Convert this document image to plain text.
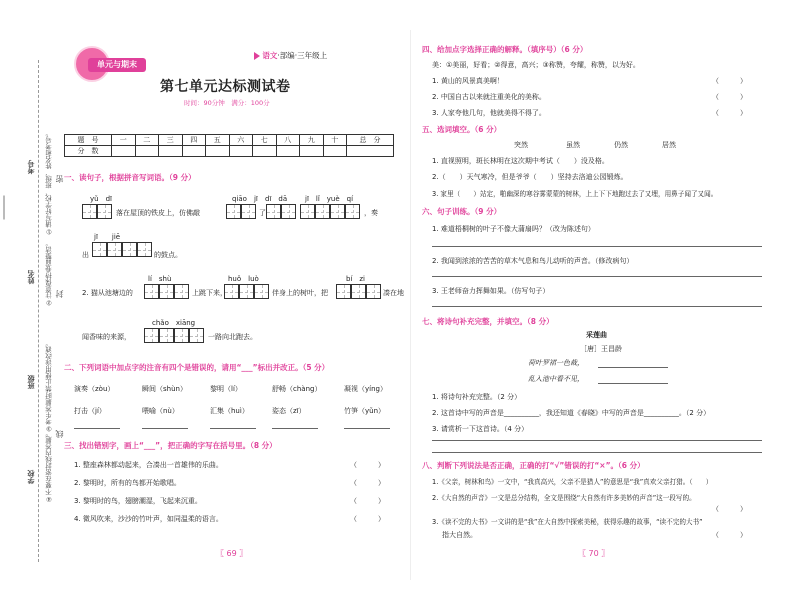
考号
姓名
班级
学校
①请写好学校、班级、姓名和考号。
②注意保持卷面整洁。
③考生答题时禁止使用涂改液。
④不要在密封线内答题。
密
封
线
单元与期末
语文·部编·三年级上
第七单元达标测试卷
时间：90分钟　满分：100分
题　号	一	二	三	四	五	六	七	八	九	十	总　分
分　数											
一、读句子，根据拼音写词语。（9 分）
yǔ　dī
落在屋顶的铁皮上，仿佛敲
qiāo　jī dī　dā
了
jī　lǐ　yuè　qí
，奏
jī　　jiē
出	的鼓点。
lí　shù	huǒ　luò	bí　zi
2. 猫从池塘边的	上跳下来，	伴身上的树叶，把	凑在地
chǎo　xiāng
闻香味的来源，	一路向北跑去。
二、下列词语中加点字的注音有四个是错误的，请用“___”标出并改正。（5 分）
演奏（zòu）	瞬间（shùn）	黎明（lí）	舒畅（chàng）	凝视（yíng）
打击（jí）	喂喻（nù）	汇集（huì）	姿态（zī）	竹笋（yǔn）
三、找出错别字，画上“___”，把正确的字写在括号里。（8 分）
1. 整座森林都动起来，合凑出一首雄伟的乐曲。	（　　　）
2. 黎明时，所有的鸟都开始歌唱。	（　　　）
3. 黎明时的鸟，翅膀潮湿，飞起来沉重。	（　　　）
4. 微风吹来，沙沙的竹叶声，如同温柔的语言。	（　　　）
〖 69 〗
四、给加点字选择正确的解释。（填序号）（6 分）
美：①美丽，好看；②得意，高兴；③称赞，夸耀，称赞，以为好。
1. 黄山的风景真美啊！	（　　　）
2. 中国自古以来就注重美化的美称。	（　　　）
3. 人家夸他几句，他就美得不得了。	（　　　）
五、选词填空。（6 分）
突然	虽然	仍然	居然
1. 直视照明，斑长林明在这次期中考试（　　）没及格。
2.（　　）天气寒冷，但是爷爷（　　）坚持去洛迪公园锻炼。
3. 家里（　　）站定，啪幽深的寒谷雾蒙蒙的树林，上上下下地跑过去了又埋，用鼻子闻了又闻。
六、句子训练。（9 分）
1. 难道梧桐树的叶子不像大蒲扇吗？（改为陈述句）
2. 我闻到浓浓的苦苦的草木气息和鸟儿动听的声音。（修改病句）
3. 王老师奋力挥舞如果。（仿写句子）
七、将诗句补充完整，并填空。（8 分）
采莲曲
［唐］王昌龄
荷叶罗裙一色裁，
乱入池中看不见，
1. 将诗句补充完整。（2 分）
2. 这首诗中写的声音是__________，我还知道《春晓》中写的声音是__________。（2 分）
3. 请赏析一下这首诗。（4 分）
八、判断下列说法是否正确，正确的打“√”错误的打“×”。（6 分）
1.《父亲，树林和鸟》一文中，“我真高兴，父亲不是猎人”的意思是“我”真欢父亲打猎。（　　）
2.《大自然的声音》一文是总分结构，全文是围绕“大自然有许多美妙的声音”这一段写的。
（　　　）
3.《读不完的大书》一文讲的是“我”在大自然中探索美秘，获得乐趣的故事，“读不完的大书”
指大自然。	（　　　）
〖 70 〗
